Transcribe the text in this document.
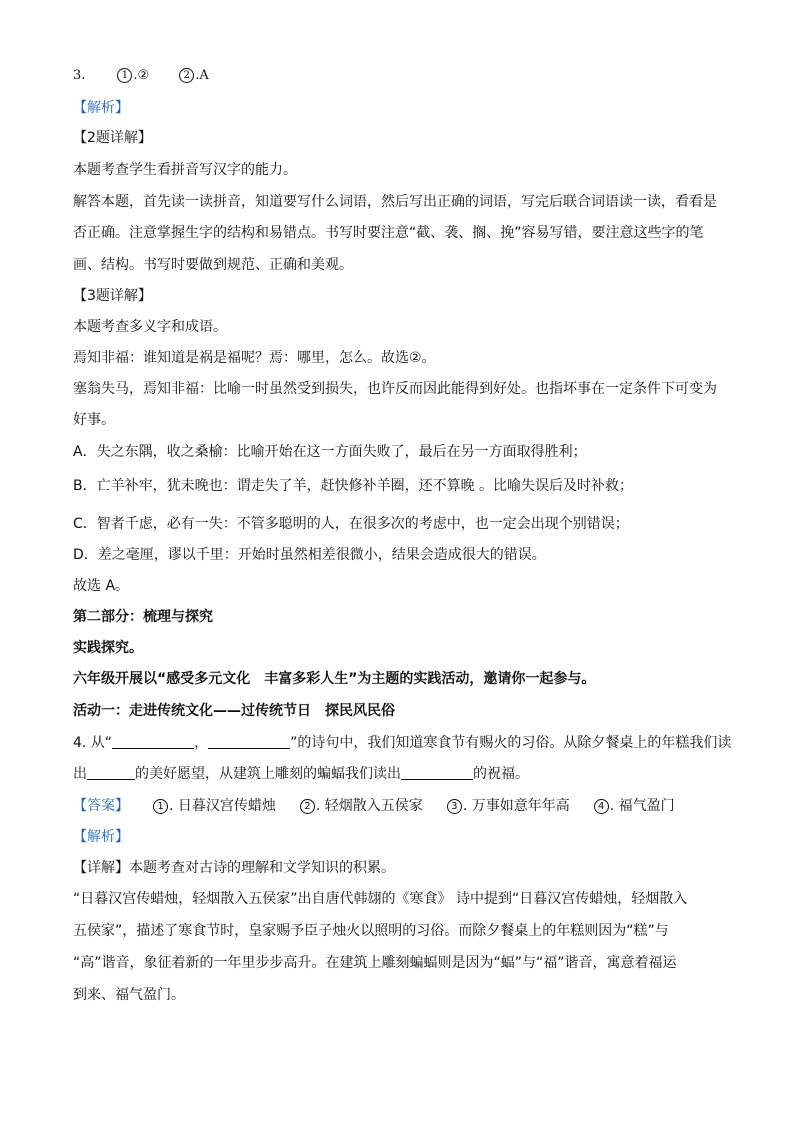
3.	1 .②	2 .A
【解析】
【2题详解】
本题考查学生看拼音写汉字的能力。
解答本题，首先读一读拼音，知道要写什么词语，然后写出正确的词语，写完后联合词语读一读，看看是
否正确。注意掌握生字的结构和易错点。书写时要注意“截、袭、搁、挽”容易写错，要注意这些字的笔
画、结构。书写时要做到规范、正确和美观。
【3题详解】
本题考查多义字和成语。
焉知非福：谁知道是祸是福呢？焉：哪里，怎么。故选②。
塞翁失马，焉知非福：比喻一时虽然受到损失，也许反而因此能得到好处。也指坏事在一定条件下可变为
好事。
A．失之东隅，收之桑榆：比喻开始在这一方面失败了，最后在另一方面取得胜利；
B．亡羊补牢，犹未晚也：谓走失了羊，赶快修补羊圈，还不算晚 。比喻失误后及时补救；
C．智者千虑，必有一失：不管多聪明的人，在很多次的考虑中，也一定会出现个别错误；
D．差之毫厘，谬以千里：开始时虽然相差很微小，结果会造成很大的错误。
故选 A。
第二部分：梳理与探究
实践探究。
六年级开展以“感受多元文化　丰富多彩人生”为主题的实践活动，邀请你一起参与。
活动一：走进传统文化——过传统节日　探民风民俗
4. 从“	，	”的诗句中，我们知道寒食节有赐火的习俗。从除夕餐桌上的年糕我们读
出	的美好愿望，从建筑上雕刻的蝙蝠我们读出	的祝福。
【答案】	1 . 日暮汉宫传蜡烛	2 . 轻烟散入五侯家	3 . 万事如意年年高	4 . 福气盈门
【解析】
【详解】本题考查对古诗的理解和文学知识的积累。
“日暮汉宫传蜡烛，轻烟散入五侯家”出自唐代韩翃的《寒食》 诗中提到“日暮汉宫传蜡烛，轻烟散入
五侯家”，描述了寒食节时，皇家赐予臣子烛火以照明的习俗。而除夕餐桌上的年糕则因为“糕”与
“高”谐音，象征着新的一年里步步高升。在建筑上雕刻蝙蝠则是因为“蝠”与“福”谐音，寓意着福运
到来、福气盈门。
